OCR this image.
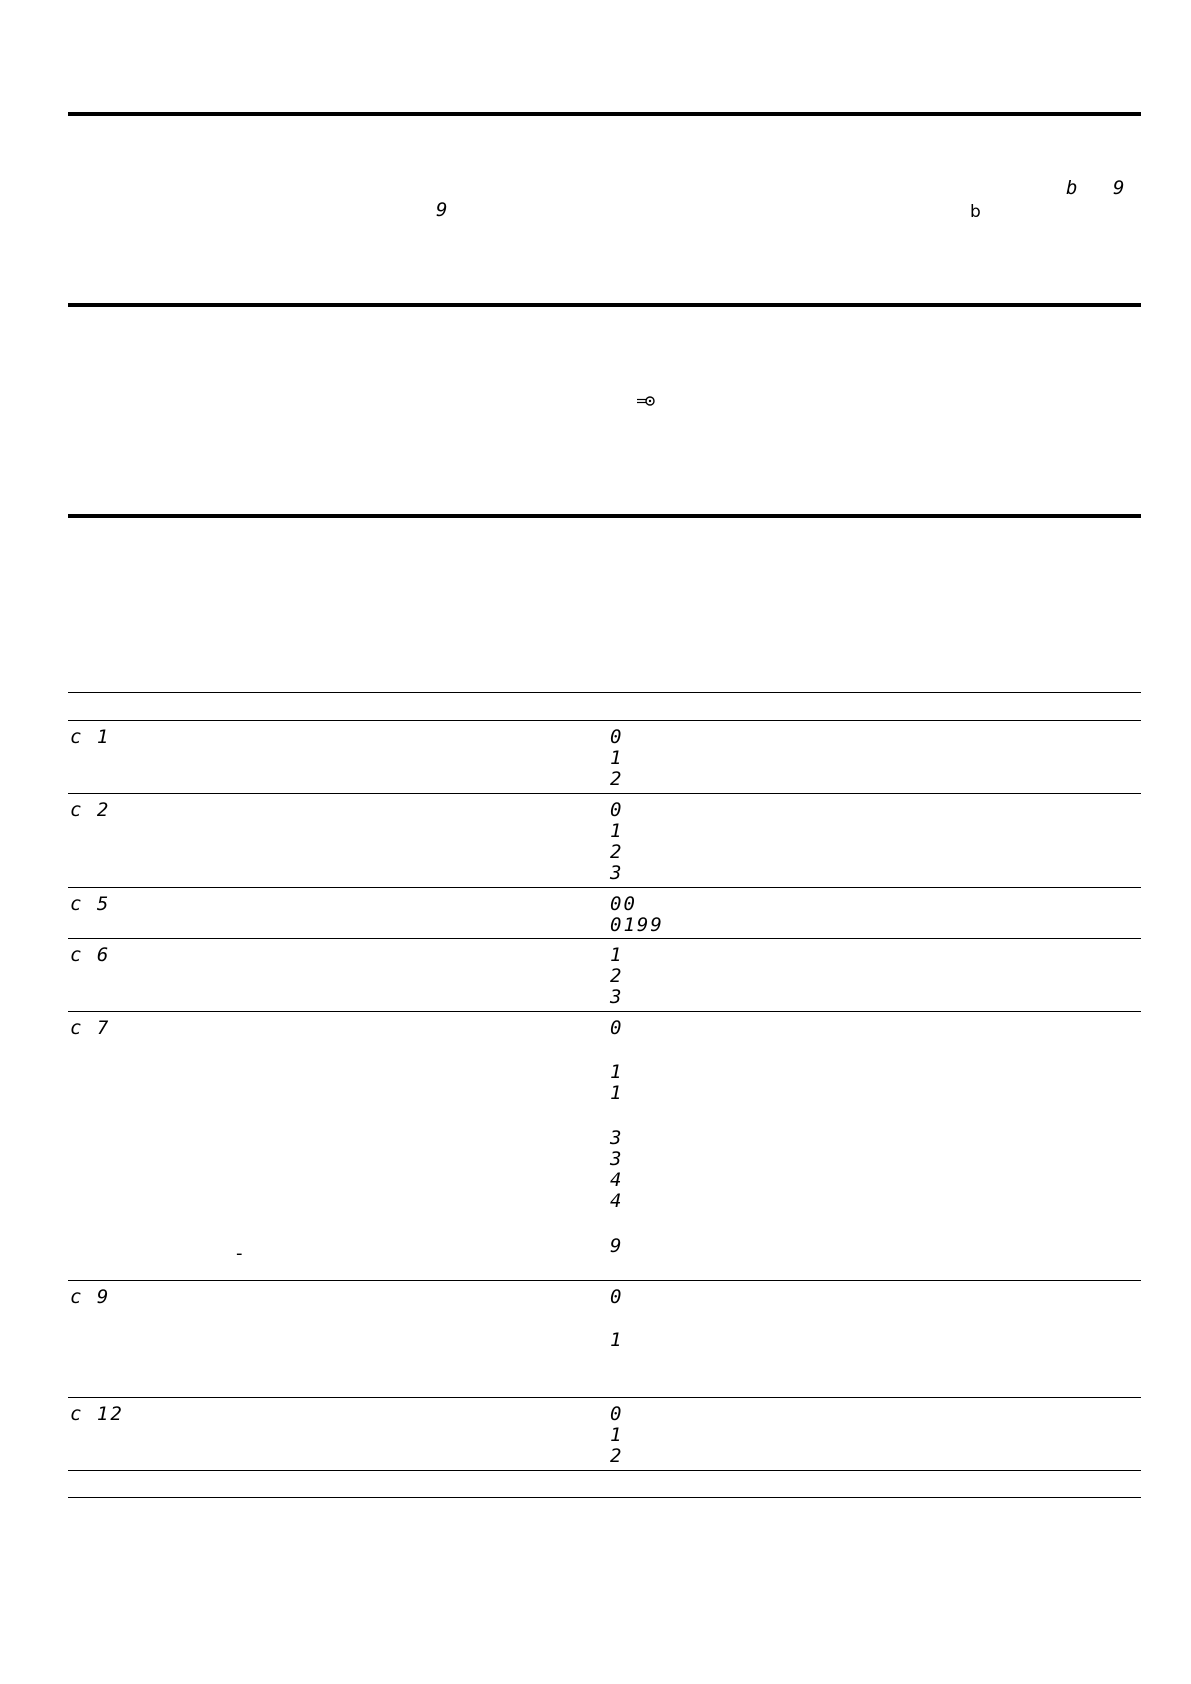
b 9
9	b
c 1	0
1
2
c 2	0
1
2
3
c 5	00
0199
c 6	1
2
3
c 7	0
1
1
3
3
4
4
9
-
c 9	0
1
c 12	0
1
2
